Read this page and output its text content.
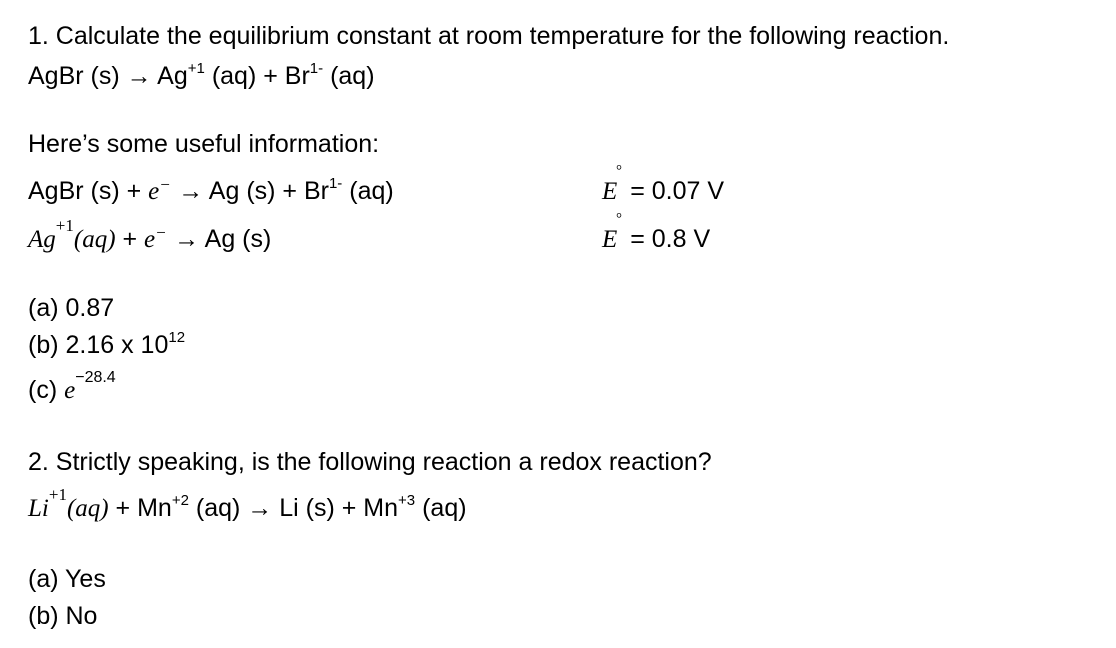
1. Calculate the equilibrium constant at room temperature for the following reaction.
AgBr $(s) \to Ag^{+1}$ $(aq) + Br^{1-}$ (aq)
Here’s some useful information:
AgBr (s) + e − → Ag $(s) + Br^{1-}$ (aq)	E
°
= 0.07 V
$Ag^{+1}(aq) + e$ − → Ag (s)	E
°
= 0.8 V
(a) 0.87
(b) 2.16 x $10^{12}$
(c) $e^{-28.4}$
2. Strictly speaking, is the following reaction a redox reaction?
$Li^{+1}(aq) + Mn^{+2}$ (aq) → Li $(s) + Mn^{+3}$ (aq)
(a) Yes
(b) No
